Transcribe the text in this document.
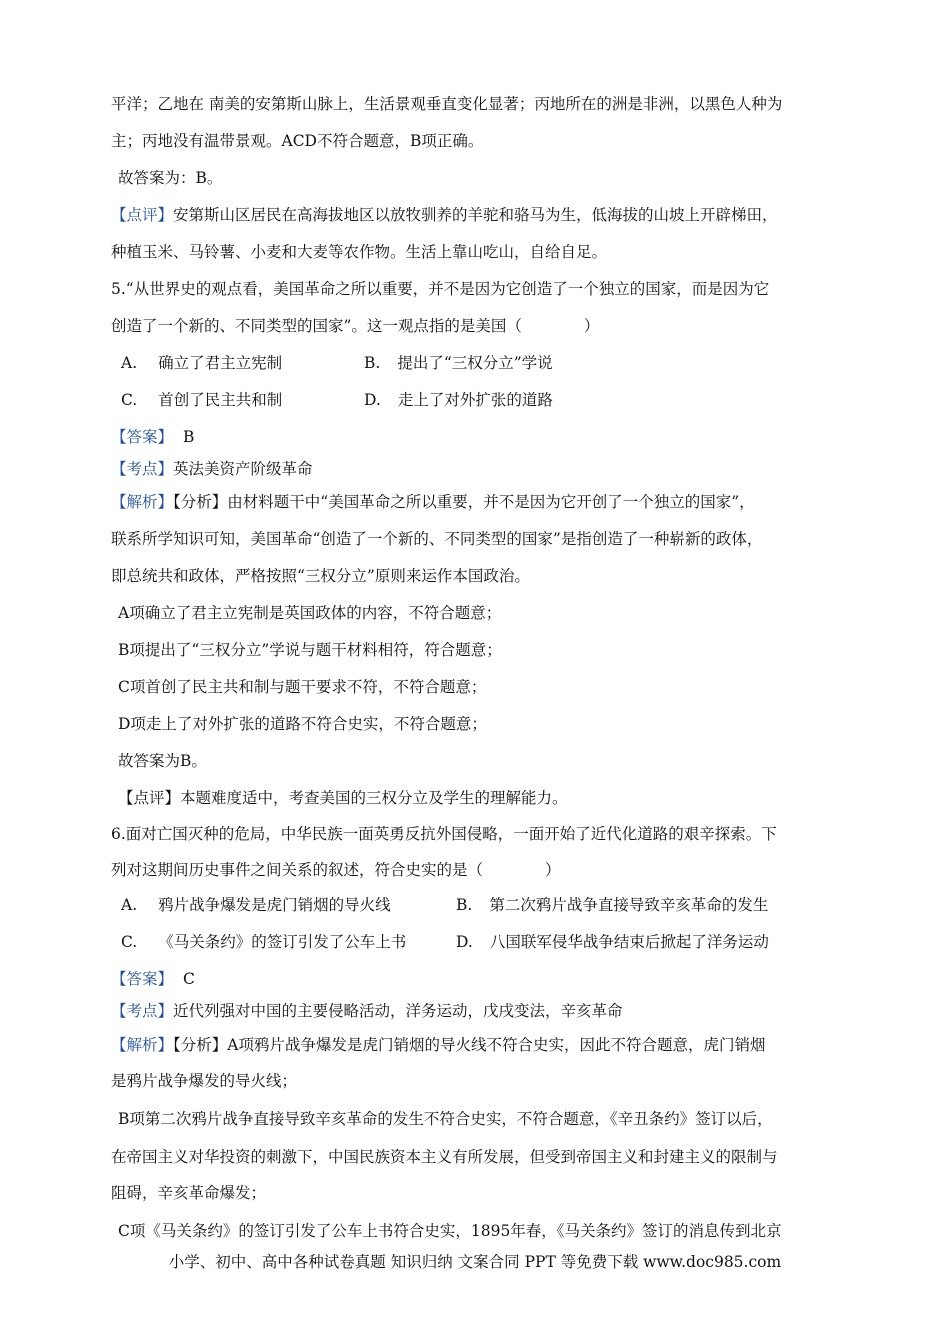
平洋；乙地在 南美的安第斯山脉上，生活景观垂直变化显著；丙地所在的洲是非洲，以黑色人种为
主；丙地没有温带景观。ACD不符合题意，B项正确。
故答案为：B。
【点评】安第斯山区居民在高海拔地区以放牧驯养的羊驼和骆马为生，低海拔的山坡上开辟梯田，
种植玉米、马铃薯、小麦和大麦等农作物。生活上靠山吃山，自给自足。
5.“从世界史的观点看，美国革命之所以重要，并不是因为它创造了一个独立的国家，而是因为它
创造了一个新的、不同类型的国家”。这一观点指的是美国（　　　　）
A. 确立了君主立宪制	B. 提出了“三权分立”学说
C. 首创了民主共和制	D. 走上了对外扩张的道路
【答案】 B
【考点】英法美资产阶级革命
【解析】【分析】由材料题干中“美国革命之所以重要，并不是因为它开创了一个独立的国家”，
联系所学知识可知，美国革命“创造了一个新的、不同类型的国家”是指创造了一种崭新的政体，
即总统共和政体，严格按照“三权分立”原则来运作本国政治。
A项确立了君主立宪制是英国政体的内容，不符合题意；
B项提出了“三权分立”学说与题干材料相符，符合题意；
C项首创了民主共和制与题干要求不符，不符合题意；
D项走上了对外扩张的道路不符合史实，不符合题意；
故答案为B。
【点评】本题难度适中，考查美国的三权分立及学生的理解能力。
6.面对亡国灭种的危局，中华民族一面英勇反抗外国侵略，一面开始了近代化道路的艰辛探索。下
列对这期间历史事件之间关系的叙述，符合史实的是（　　　　）
A. 鸦片战争爆发是虎门销烟的导火线	B. 第二次鸦片战争直接导致辛亥革命的发生
C. 《马关条约》的签订引发了公车上书	D. 八国联军侵华战争结束后掀起了洋务运动
【答案】 C
【考点】近代列强对中国的主要侵略活动，洋务运动，戊戌变法，辛亥革命
【解析】【分析】A项鸦片战争爆发是虎门销烟的导火线不符合史实，因此不符合题意，虎门销烟
是鸦片战争爆发的导火线；
B项第二次鸦片战争直接导致辛亥革命的发生不符合史实，不符合题意，《辛丑条约》签订以后，
在帝国主义对华投资的刺激下，中国民族资本主义有所发展，但受到帝国主义和封建主义的限制与
阻碍，辛亥革命爆发；
C项《马关条约》的签订引发了公车上书符合史实，1895年春，《马关条约》签订的消息传到北京
小学、初中、高中各种试卷真题 知识归纳 文案合同 PPT 等免费下载 www.doc985.com
